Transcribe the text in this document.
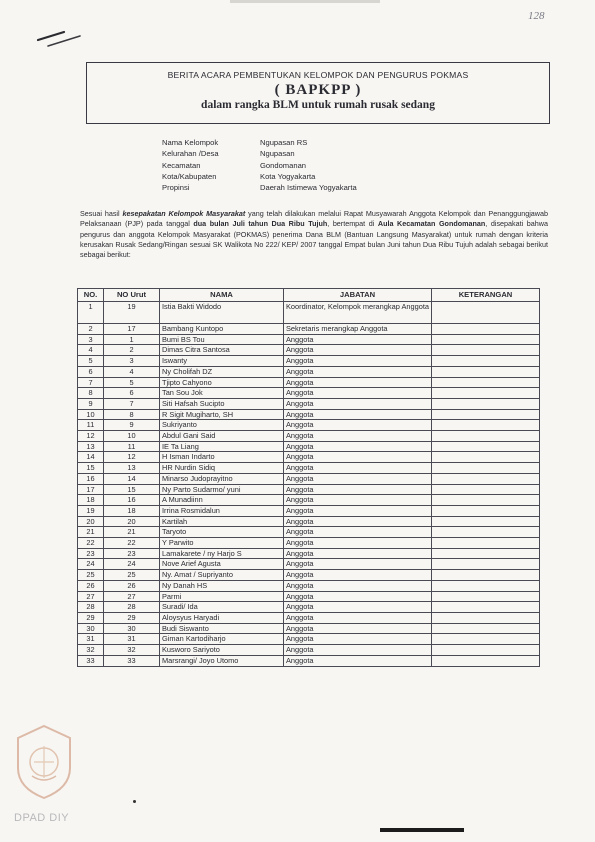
128
BERITA ACARA PEMBENTUKAN KELOMPOK DAN PENGURUS POKMAS
( BAPKPP )
dalam rangka BLM untuk rumah rusak sedang
Nama Kelompok	Ngupasan RS
Kelurahan /Desa	Ngupasan
Kecamatan	Gondomanan
Kota/Kabupaten	Kota Yogyakarta
Propinsi	Daerah Istimewa Yogyakarta
Sesuai hasil kesepakatan Kelompok Masyarakat yang telah dilakukan melalui Rapat Musyawarah Anggota Kelompok dan Penanggungjawab Pelaksanaan (PJP) pada tanggal dua bulan Juli tahun Dua Ribu Tujuh, bertempat di Aula Kecamatan Gondomanan, disepakati bahwa pengurus dan anggota Kelompok Masyarakat (POKMAS) penerima Dana BLM (Bantuan Langsung Masyarakat) untuk rumah dengan kriteria kerusakan Rusak Sedang/Ringan sesuai SK Walikota No 222/ KEP/ 2007 tanggal Empat bulan Juni tahun Dua Ribu Tujuh adalah sebagai berikut sebagai berikut:
NO.	NO Urut	NAMA	JABATAN	KETERANGAN
1	19	Istia Bakti Widodo	Koordinator, Kelompok merangkap Anggota	
2	17	Bambang Kuntopo	Sekretaris merangkap Anggota	
3	1	Bumi BS Tou	Anggota	
4	2	Dimas Citra Santosa	Anggota	
5	3	Iswanty	Anggota	
6	4	Ny Cholifah DZ	Anggota	
7	5	Tjipto Cahyono	Anggota	
8	6	Tan Sou Jok	Anggota	
9	7	Siti Hafsah Sucipto	Anggota	
10	8	R Sigit Mugiharto, SH	Anggota	
11	9	Sukriyanto	Anggota	
12	10	Abdul Gani Said	Anggota	
13	11	IE Ta Liang	Anggota	
14	12	H Isman Indarto	Anggota	
15	13	HR Nurdin Sidiq	Anggota	
16	14	Minarso Judoprayitno	Anggota	
17	15	Ny Parto Sudarmo/ yuni	Anggota	
18	16	A Munadiinn	Anggota	
19	18	Irrina Rosmidalun	Anggota	
20	20	Kartilah	Anggota	
21	21	Taryoto	Anggota	
22	22	Y Parwito	Anggota	
23	23	Lamakarete / ny Harjo S	Anggota	
24	24	Nove Arief Agusta	Anggota	
25	25	Ny. Amat / Supriyanto	Anggota	
26	26	Ny Danah HS	Anggota	
27	27	Parmi	Anggota	
28	28	Suradi/ Ida	Anggota	
29	29	Aloysyus Haryadi	Anggota	
30	30	Budi Siswanto	Anggota	
31	31	Giman Kartodiharjo	Anggota	
32	32	Kusworo Sariyoto	Anggota	
33	33	Marsrangi/ Joyo Utomo	Anggota	
DPAD DIY
